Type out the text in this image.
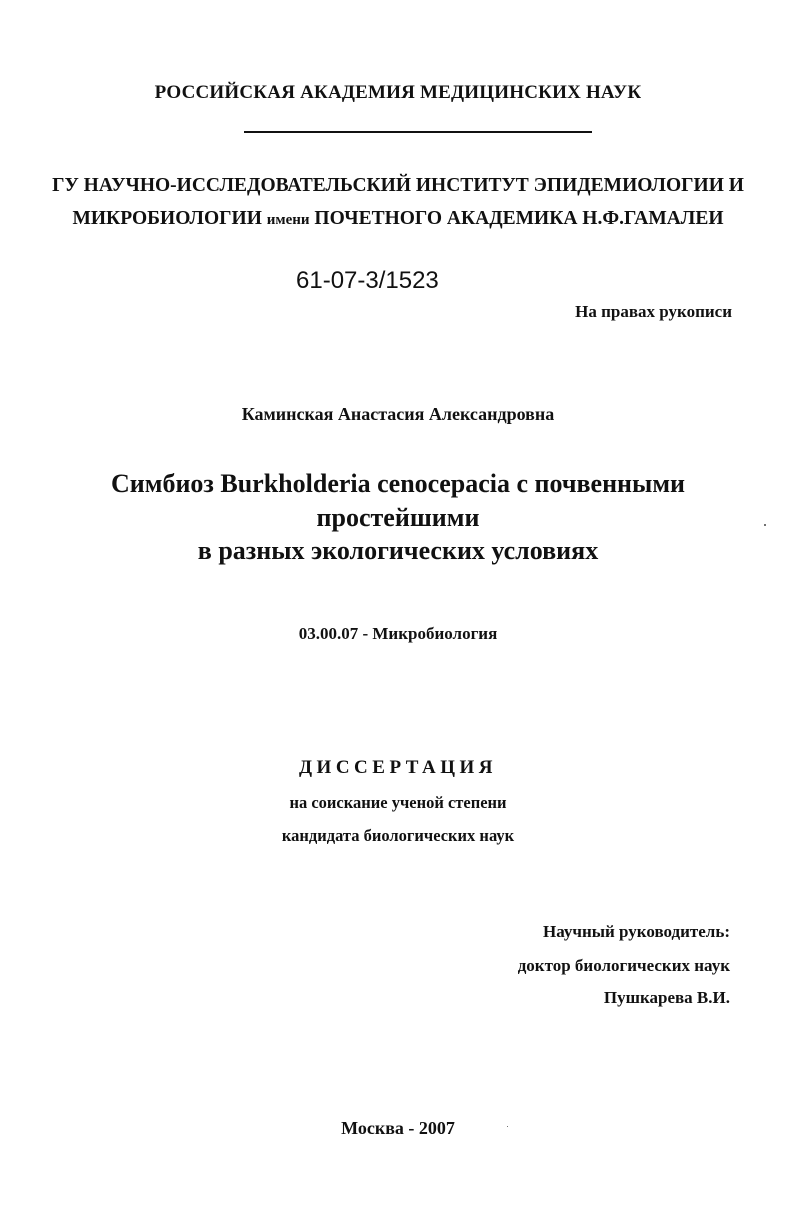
РОССИЙСКАЯ АКАДЕМИЯ МЕДИЦИНСКИХ НАУК
ГУ НАУЧНО-ИССЛЕДОВАТЕЛЬСКИЙ ИНСТИТУТ ЭПИДЕМИОЛОГИИ И
МИКРОБИОЛОГИИ имени ПОЧЕТНОГО АКАДЕМИКА Н.Ф.ГАМАЛЕИ
61-07-3/1523
На правах рукописи
Каминская Анастасия Александровна
Симбиоз Burkholderia cenocepacia с почвенными
простейшими
в разных экологических условиях
03.00.07 - Микробиология
ДИССЕРТАЦИЯ
на соискание ученой степени
кандидата биологических наук
Научный руководитель:
доктор биологических наук
Пушкарева В.И.
Москва - 2007
